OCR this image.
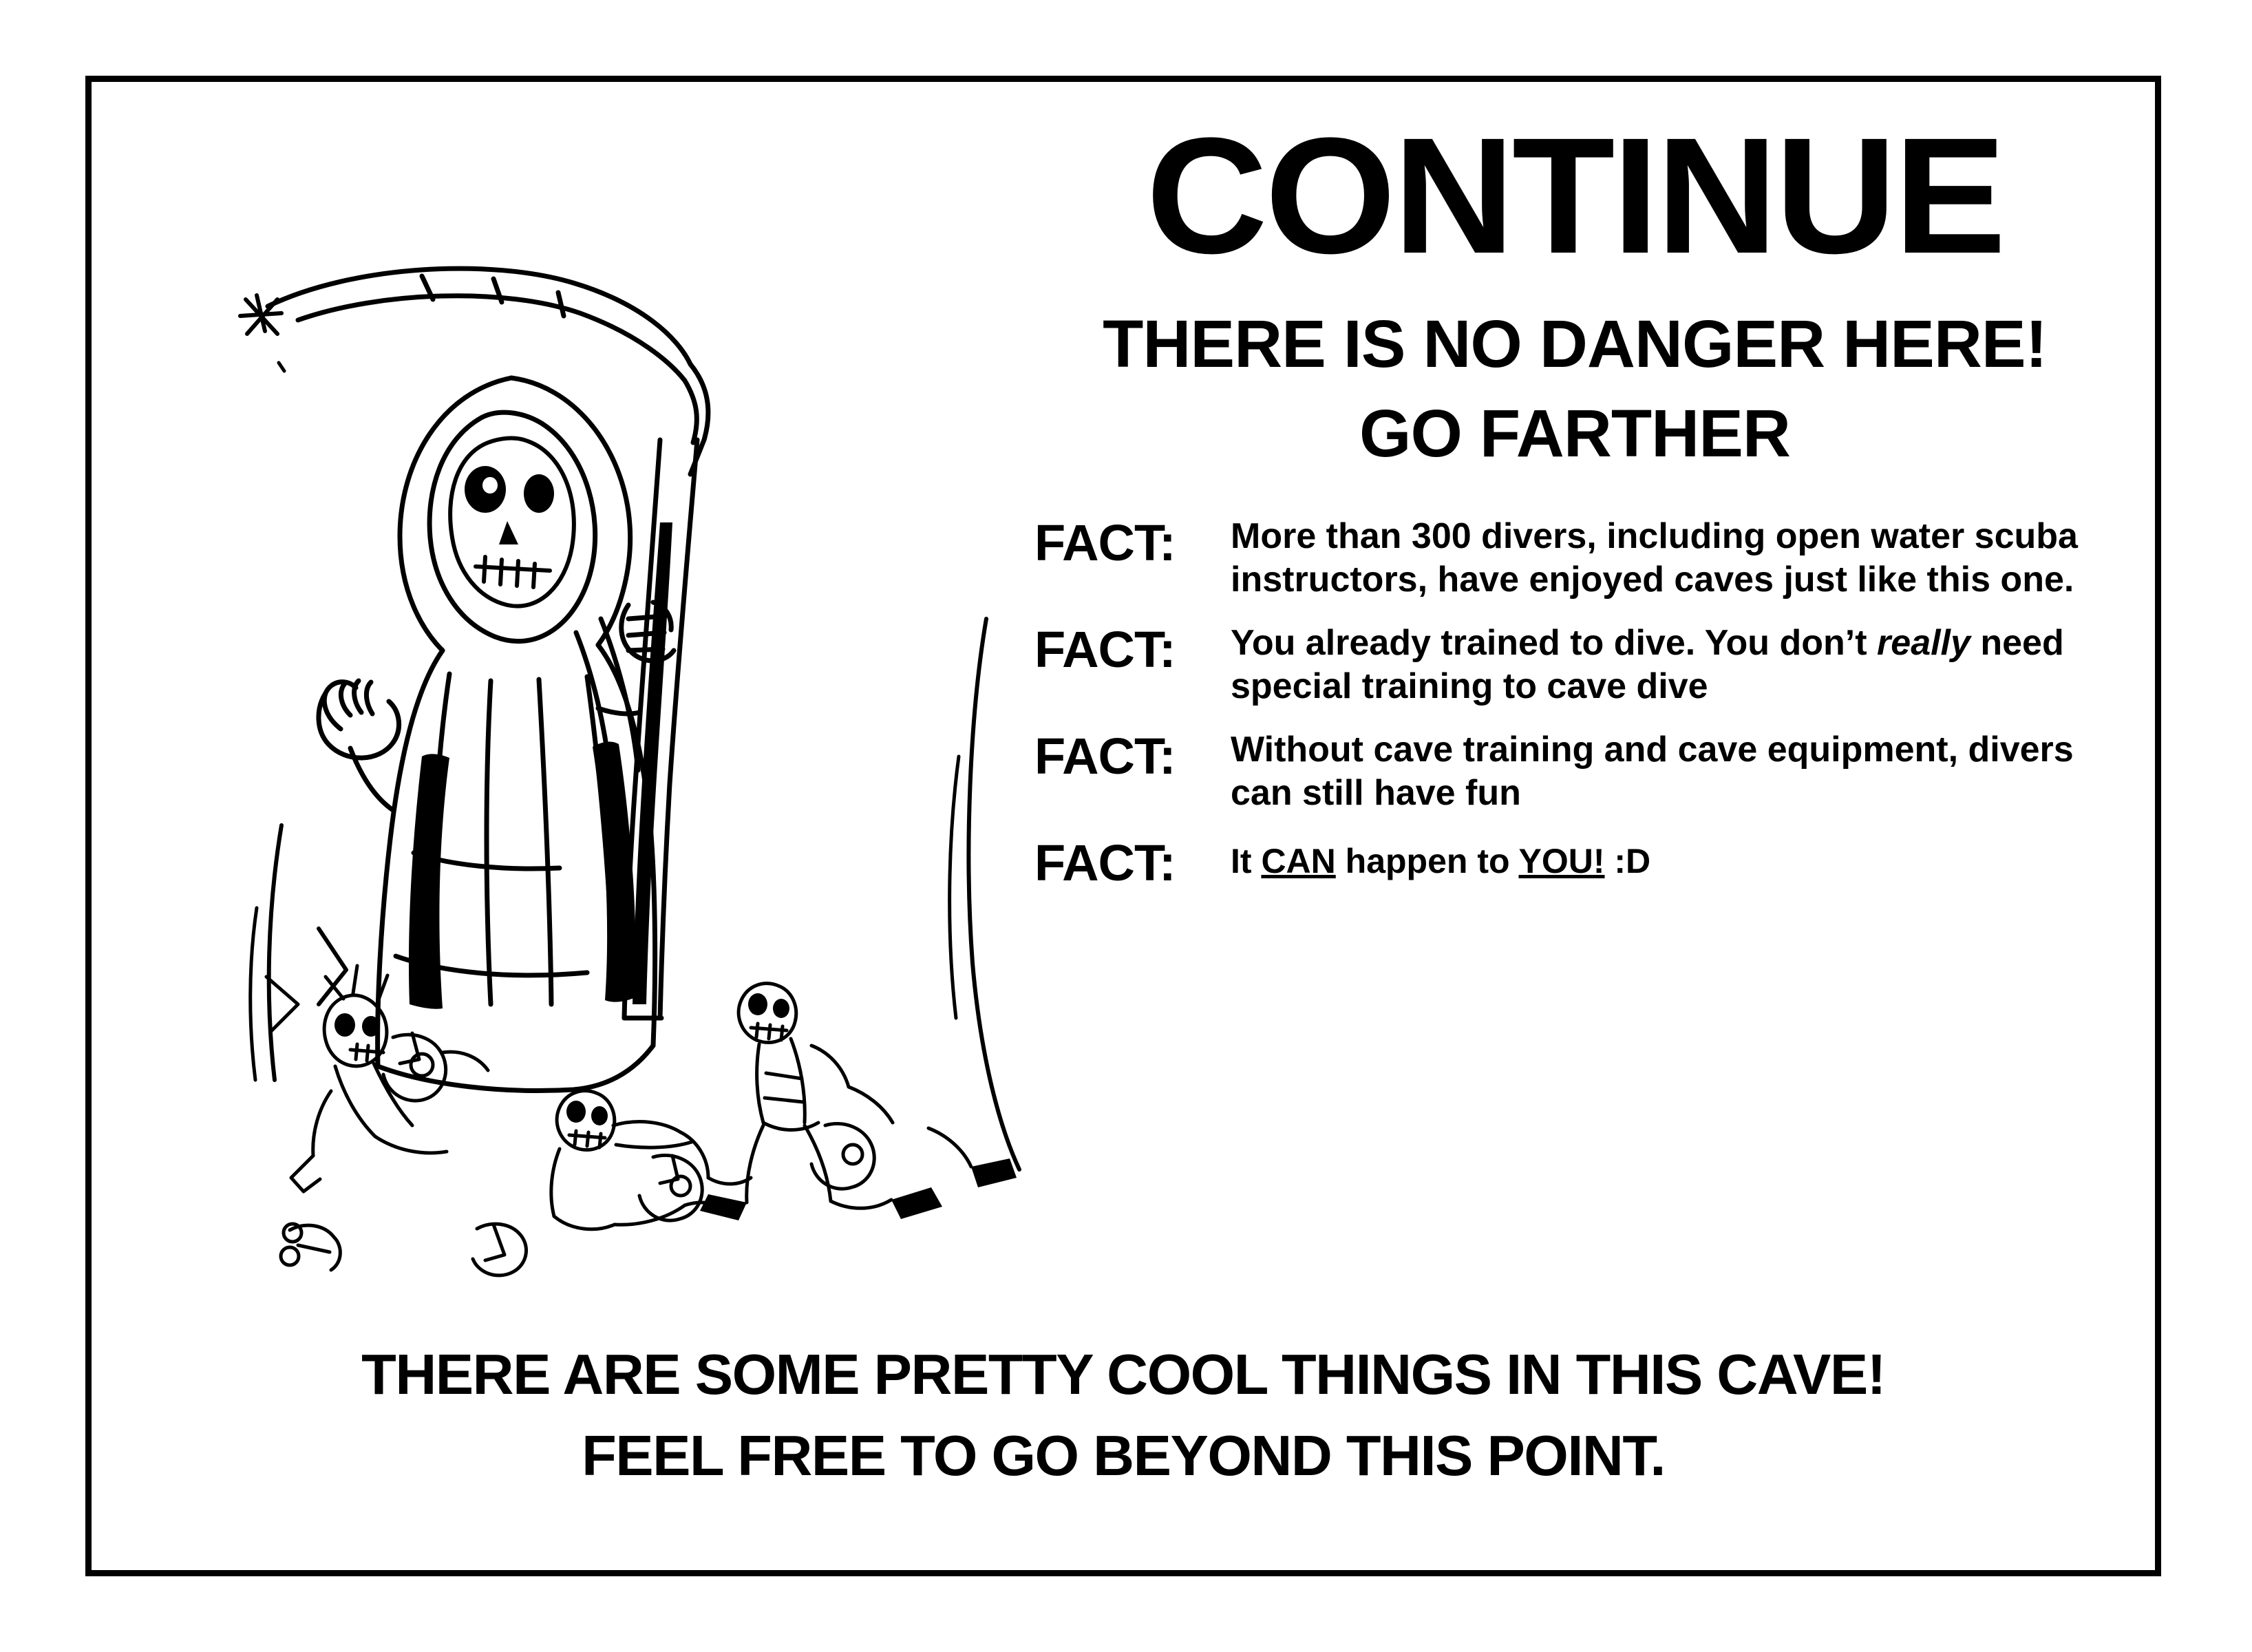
CONTINUE
THERE IS NO DANGER HERE!
GO FARTHER
FACT:	More than 300 divers, including open water scuba instructors, have enjoyed caves just like this one.
FACT:	You already trained to dive. You don’t really need special training to cave dive
FACT:	Without cave training and cave equipment, divers can still have fun
FACT:	It CAN happen to YOU! :D
THERE ARE SOME PRETTY COOL THINGS IN THIS CAVE!
FEEL FREE TO GO BEYOND THIS POINT.
